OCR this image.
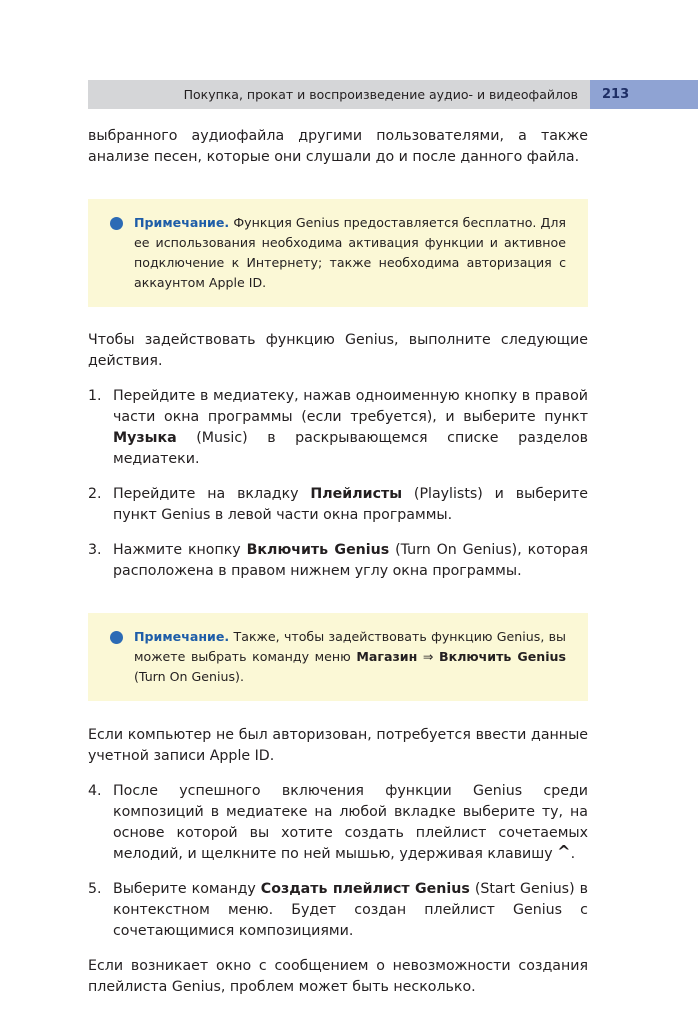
Покупка, прокат и воспроизведение аудио- и видеофайлов	213

выбранного аудиофайла другими пользователями, а также анализе песен, которые они слушали до и после данного файла.

Примечание. Функция Genius предоставляется бесплатно. Для ее использования необходима активация функции и активное подключение к Интернету; также необходима авторизация с аккаунтом Apple ID.

Чтобы задействовать функцию Genius, выполните следующие действия.

1. Перейдите в медиатеку, нажав одноименную кнопку в правой части окна программы (если требуется), и выберите пункт Музыка (Music) в раскрывающемся списке разделов медиатеки.
2. Перейдите на вкладку Плейлисты (Playlists) и выберите пункт Genius в левой части окна программы.
3. Нажмите кнопку Включить Genius (Turn On Genius), которая расположена в правом нижнем углу окна программы.
Примечание. Также, чтобы задействовать функцию Genius, вы можете выбрать команду меню Магазин ⇒ Включить Genius (Turn On Genius).

Если компьютер не был авторизован, потребуется ввести данные учетной записи Apple ID.

4. После успешного включения функции Genius среди композиций в медиатеке на любой вкладке выберите ту, на основе которой вы хотите создать плейлист сочетаемых мелодий, и щелкните по ней мышью, удерживая клавишу ^.
5. Выберите команду Создать плейлист Genius (Start Genius) в контекстном меню. Будет создан плейлист Genius с сочетающимися композициями.

Если возникает окно с сообщением о невозможности создания плейлиста Genius, проблем может быть несколько.
